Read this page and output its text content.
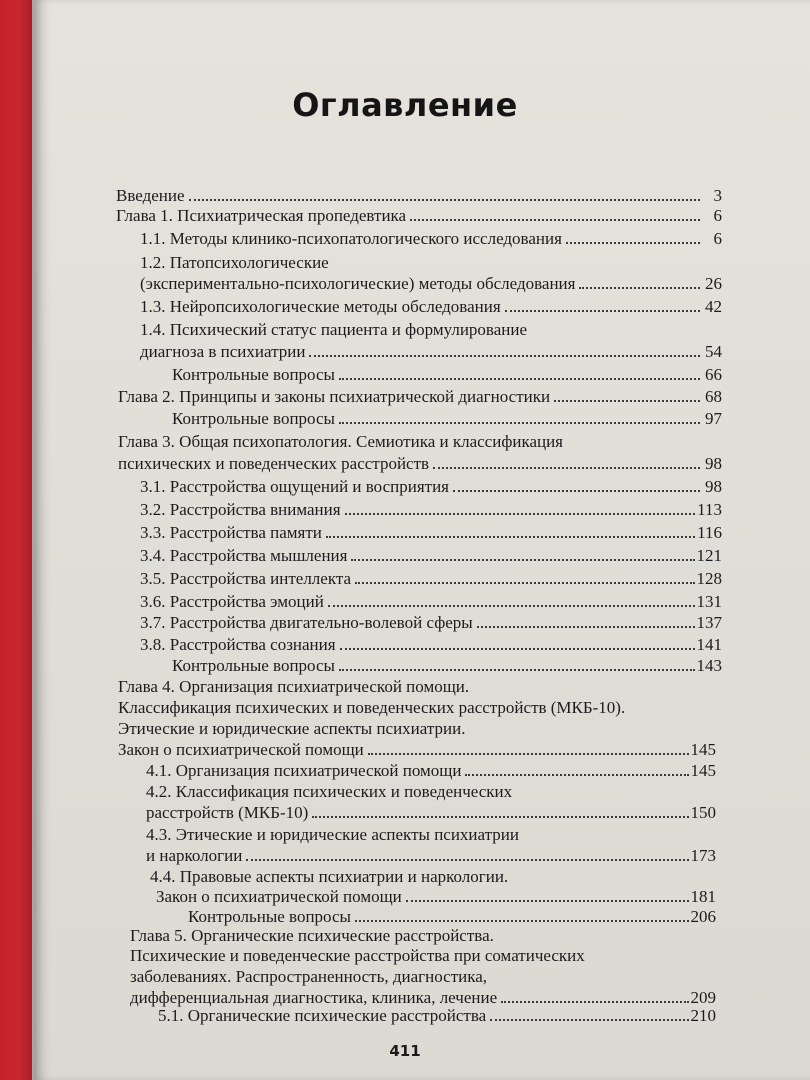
Оглавление
Введение	3
Глава 1. Психиатрическая пропедевтика	6
1.1. Методы клинико-психопатологического исследования	6
1.2. Патопсихологические
(экспериментально-психологические) методы обследования	26
1.3. Нейропсихологические методы обследования	42
1.4. Психический статус пациента и формулирование
диагноза в психиатрии	54
Контрольные вопросы	66
Глава 2. Принципы и законы психиатрической диагностики	68
Контрольные вопросы	97
Глава 3. Общая психопатология. Семиотика и классификация
психических и поведенческих расстройств	98
3.1. Расстройства ощущений и восприятия	98
3.2. Расстройства внимания	113
3.3. Расстройства памяти	116
3.4. Расстройства мышления	121
3.5. Расстройства интеллекта	128
3.6. Расстройства эмоций	131
3.7. Расстройства двигательно-волевой сферы	137
3.8. Расстройства сознания	141
Контрольные вопросы	143
Глава 4. Организация психиатрической помощи.
Классификация психических и поведенческих расстройств (МКБ-10).
Этические и юридические аспекты психиатрии.
Закон о психиатрической помощи	145
4.1. Организация психиатрической помощи	145
4.2. Классификация психических и поведенческих
расстройств (МКБ-10)	150
4.3. Этические и юридические аспекты психиатрии
и наркологии	173
4.4. Правовые аспекты психиатрии и наркологии.
Закон о психиатрической помощи	181
Контрольные вопросы	206
Глава 5. Органические психические расстройства.
Психические и поведенческие расстройства при соматических
заболеваниях. Распространенность, диагностика,
дифференциальная диагностика, клиника, лечение	209
5.1. Органические психические расстройства	210
411
